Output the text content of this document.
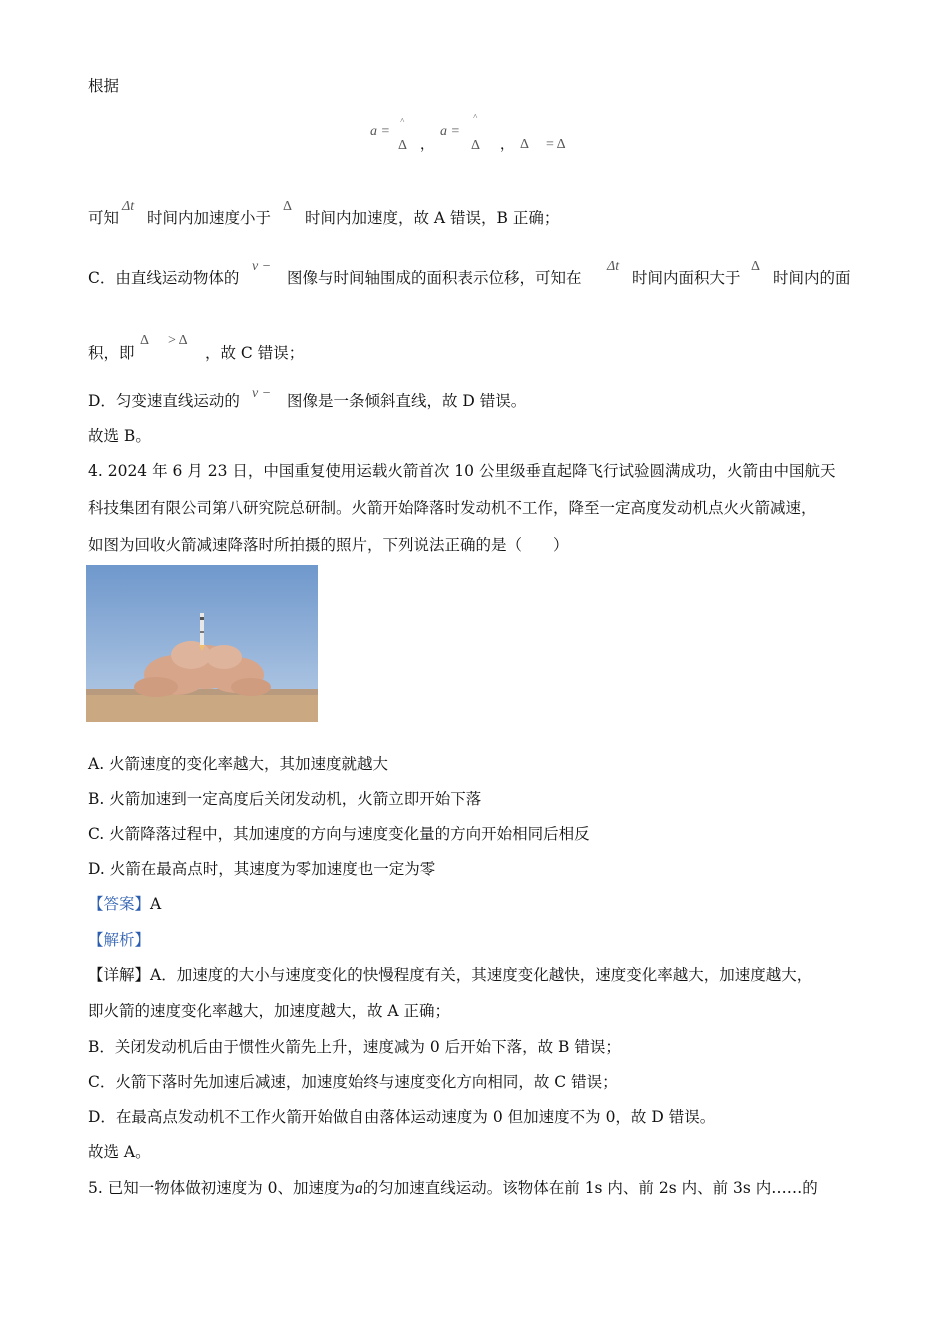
根据
a =
˄
Δ ，
a =
˄
Δ ， Δ = Δ
可知
Δt
时间内加速度小于
Δ
时间内加速度，故 A 错误，B 正确；
C．由直线运动物体的
v −
图像与时间轴围成的面积表示位移，可知在
Δt
时间内面积大于
Δ
时间内的面
积，即
Δ > Δ
，故 C 错误；
D．匀变速直线运动的 v − 图像是一条倾斜直线，故 D 错误。
故选 B。
4. 2024 年 6 月 23 日，中国重复使用运载火箭首次 10 公里级垂直起降飞行试验圆满成功，火箭由中国航天
科技集团有限公司第八研究院总研制。火箭开始降落时发动机不工作，降至一定高度发动机点火火箭减速，
如图为回收火箭减速降落时所拍摄的照片，下列说法正确的是（　　）
A. 火箭速度的变化率越大，其加速度就越大
B. 火箭加速到一定高度后关闭发动机，火箭立即开始下落
C. 火箭降落过程中，其加速度的方向与速度变化量的方向开始相同后相反
D. 火箭在最高点时，其速度为零加速度也一定为零
【答案】A
【解析】
【详解】A．加速度的大小与速度变化的快慢程度有关，其速度变化越快，速度变化率越大，加速度越大，
即火箭的速度变化率越大，加速度越大，故 A 正确；
B．关闭发动机后由于惯性火箭先上升，速度减为 0 后开始下落，故 B 错误；
C．火箭下落时先加速后减速，加速度始终与速度变化方向相同，故 C 错误；
D．在最高点发动机不工作火箭开始做自由落体运动速度为 0 但加速度不为 0，故 D 错误。
故选 A。
5. 已知一物体做初速度为 0、加速度为a的匀加速直线运动。该物体在前 1s 内、前 2s 内、前 3s 内……的
